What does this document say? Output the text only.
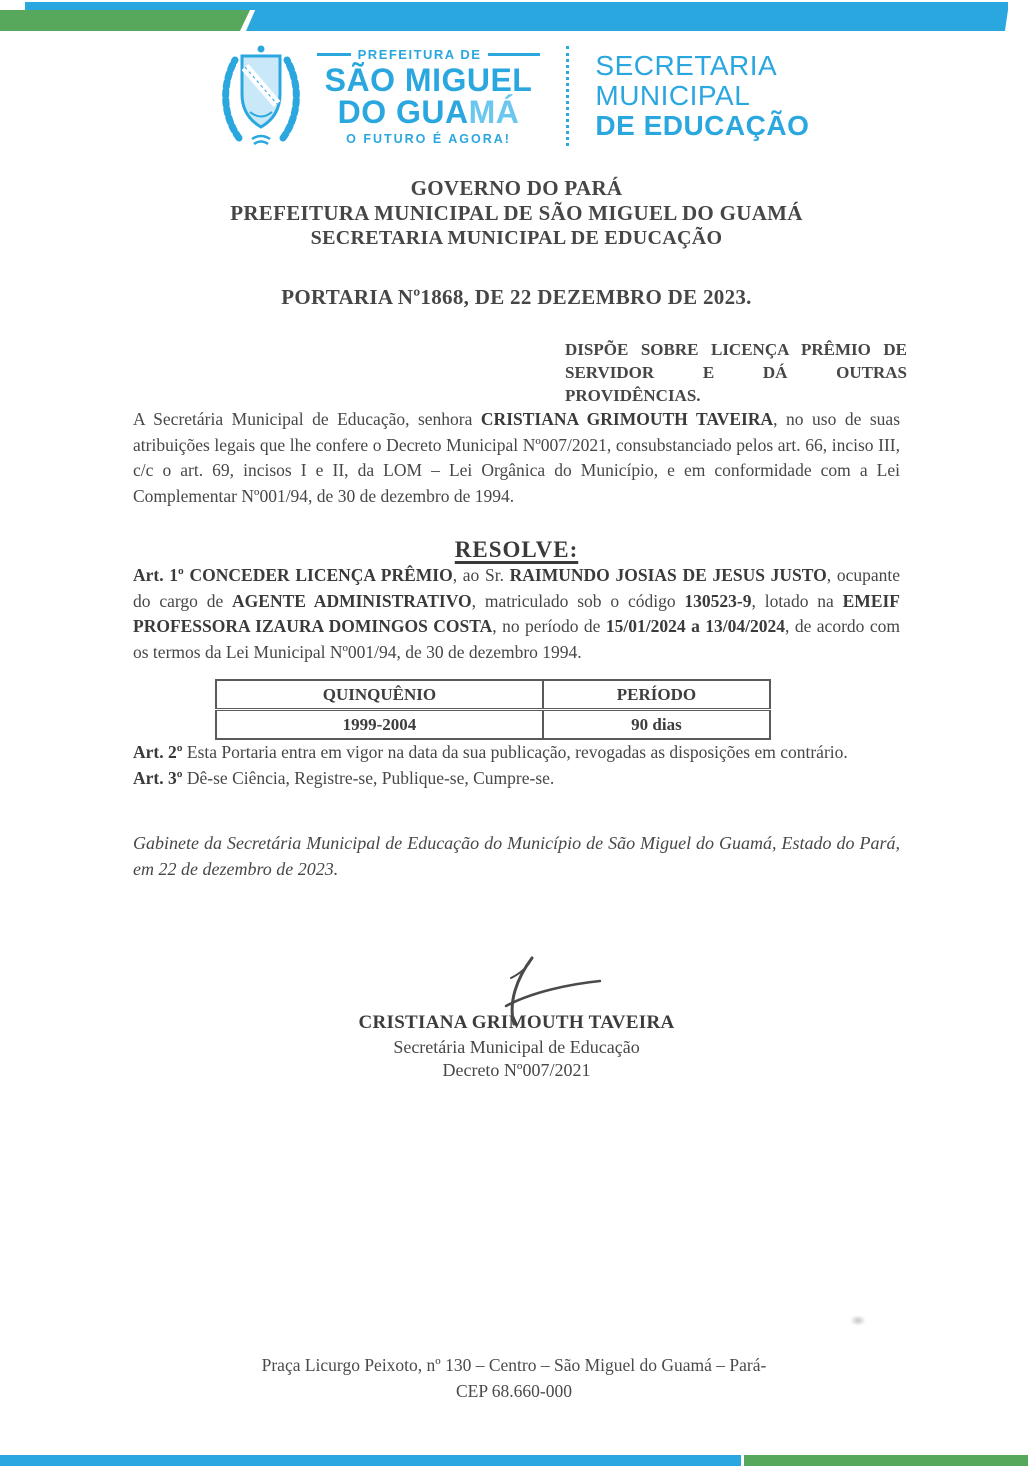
PREFEITURA DE
SÃO MIGUEL
DO GUAMÁ
O FUTURO É AGORA!
SECRETARIA
MUNICIPAL
DE EDUCAÇÃO
GOVERNO DO PARÁ
PREFEITURA MUNICIPAL DE SÃO MIGUEL DO GUAMÁ
SECRETARIA MUNICIPAL DE EDUCAÇÃO
PORTARIA Nº1868, DE 22 DEZEMBRO DE 2023.
DISPÕE SOBRE LICENÇA PRÊMIO DE SERVIDOR E DÁ OUTRAS PROVIDÊNCIAS.

A Secretária Municipal de Educação, senhora CRISTIANA GRIMOUTH TAVEIRA, no uso de suas atribuições legais que lhe confere o Decreto Municipal Nº007/2021, consubstanciado pelos art. 66, inciso III, c/c o art. 69, incisos I e II, da LOM – Lei Orgânica do Município, e em conformidade com a Lei Complementar Nº001/94, de 30 de dezembro de 1994.

RESOLVE:

Art. 1º CONCEDER LICENÇA PRÊMIO, ao Sr. RAIMUNDO JOSIAS DE JESUS JUSTO, ocupante do cargo de AGENTE ADMINISTRATIVO, matriculado sob o código 130523-9, lotado na EMEIF PROFESSORA IZAURA DOMINGOS COSTA, no período de 15/01/2024 a 13/04/2024, de acordo com os termos da Lei Municipal Nº001/94, de 30 de dezembro 1994.

QUINQUÊNIO	PERÍODO
1999-2004	90 dias

Art. 2º Esta Portaria entra em vigor na data da sua publicação, revogadas as disposições em contrário.

Art. 3º Dê-se Ciência, Registre-se, Publique-se, Cumpre-se.

Gabinete da Secretária Municipal de Educação do Município de São Miguel do Guamá, Estado do Pará, em 22 de dezembro de 2023.

CRISTIANA GRIMOUTH TAVEIRA
Secretária Municipal de Educação
Decreto Nº007/2021
Praça Licurgo Peixoto, nº 130 – Centro – São Miguel do Guamá – Pará-
CEP 68.660-000
